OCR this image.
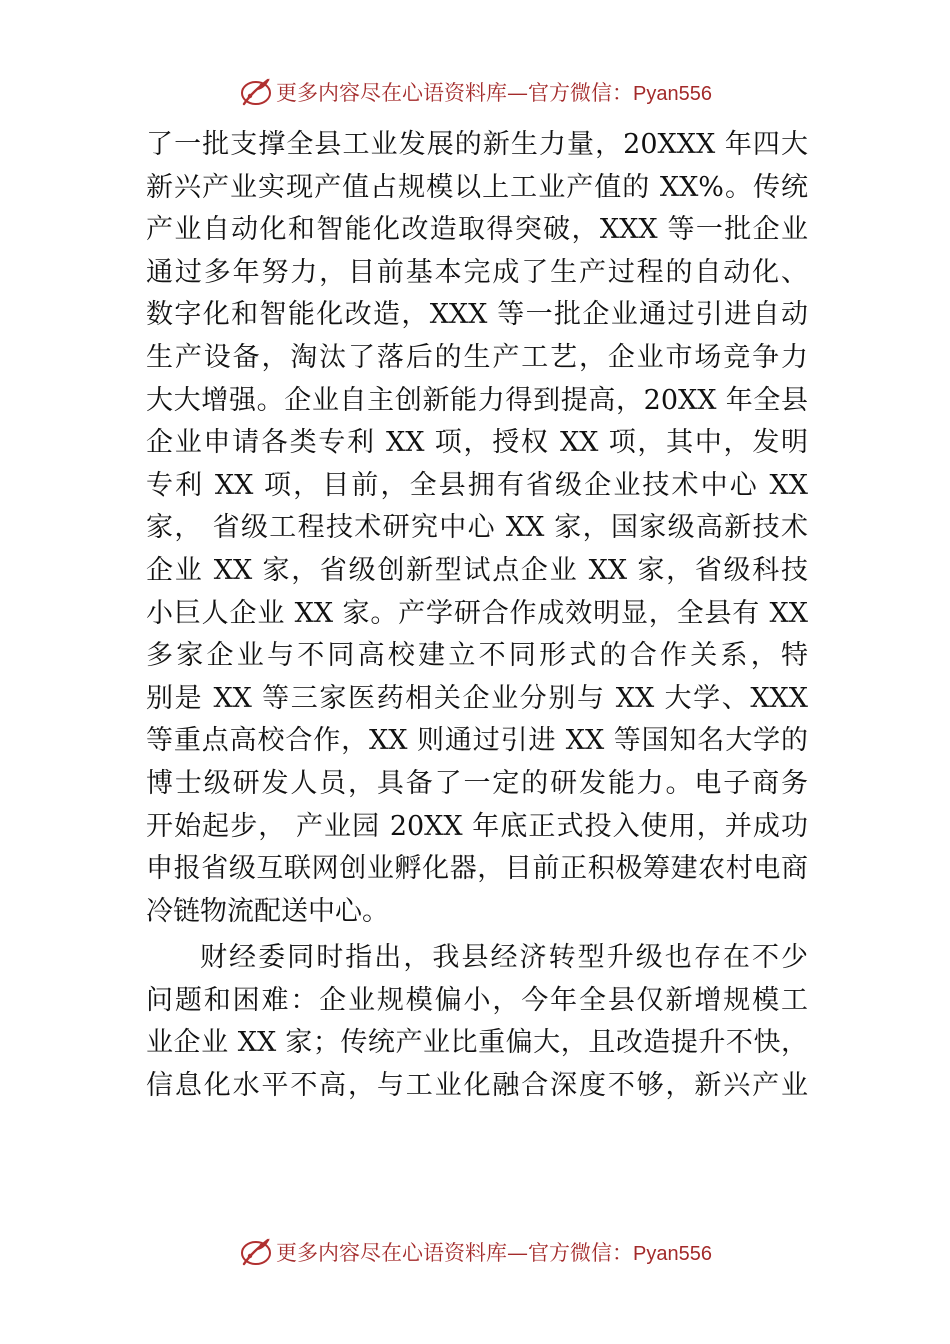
更多内容尽在心语资料库—官方微信：Pyan556
了一批支撑全县工业发展的新生力量，20XXX 年四大
新兴产业实现产值占规模以上工业产值的 XX%。传统
产业自动化和智能化改造取得突破，XXX 等一批企业
通过多年努力，目前基本完成了生产过程的自动化、
数字化和智能化改造，XXX 等一批企业通过引进自动
生产设备，淘汰了落后的生产工艺，企业市场竞争力
大大增强。企业自主创新能力得到提高，20XX 年全县
企业申请各类专利 XX 项，授权 XX 项，其中，发明
专利 XX 项，目前，全县拥有省级企业技术中心 XX
家， 省级工程技术研究中心 XX 家，国家级高新技术
企业 XX 家，省级创新型试点企业 XX 家，省级科技
小巨人企业 XX 家。产学研合作成效明显，全县有 XX
多家企业与不同高校建立不同形式的合作关系，特
别是 XX 等三家医药相关企业分别与 XX 大学、XXX
等重点高校合作，XX 则通过引进 XX 等国知名大学的
博士级研发人员，具备了一定的研发能力。电子商务
开始起步， 产业园 20XX 年底正式投入使用，并成功
申报省级互联网创业孵化器，目前正积极筹建农村电商
冷链物流配送中心。
财经委同时指出，我县经济转型升级也存在不少
问题和困难：企业规模偏小，今年全县仅新增规模工
业企业 XX 家；传统产业比重偏大，且改造提升不快，
信息化水平不高，与工业化融合深度不够，新兴产业
更多内容尽在心语资料库—官方微信：Pyan556
